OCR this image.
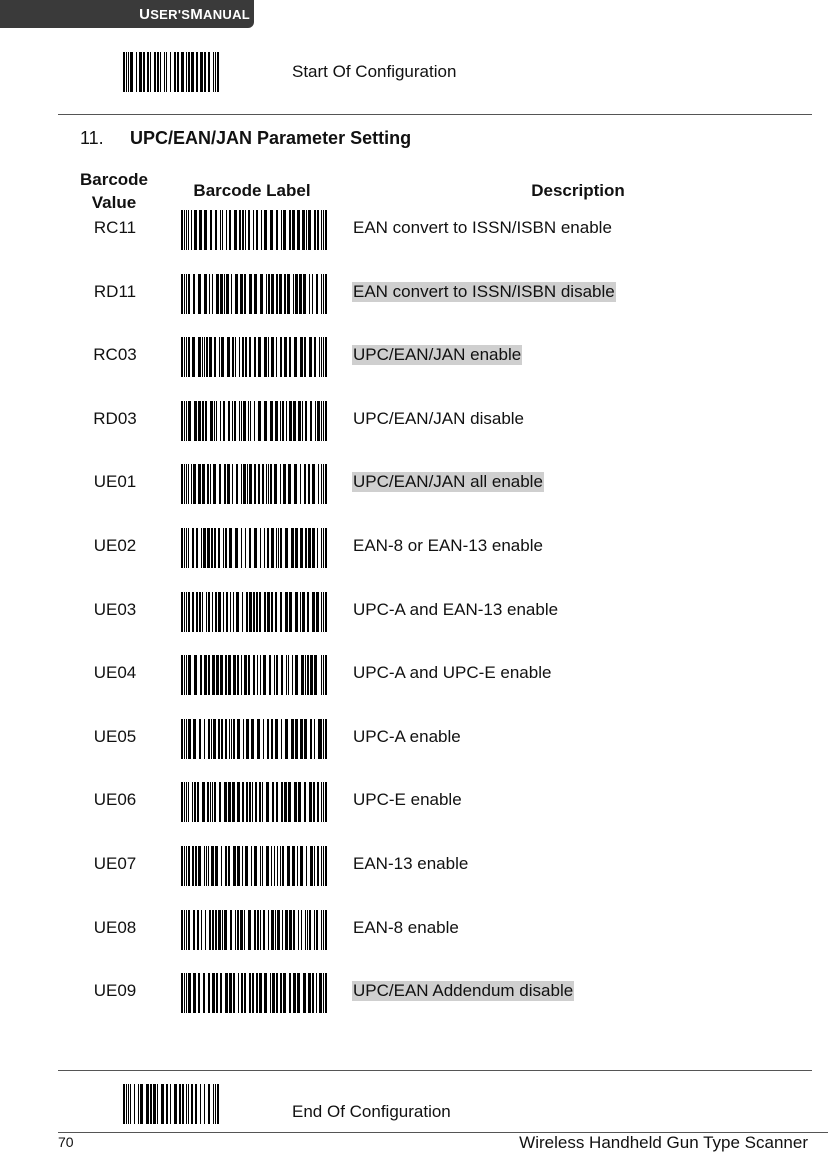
U SER'S M ANUAL
Start Of Configuration
11. UPC/EAN/JAN Parameter Setting
Barcode
Value
Barcode Label	Description
RC11	EAN convert to ISSN/ISBN enable
RD11	EAN convert to ISSN/ISBN disable
RC03	UPC/EAN/JAN enable
RD03	UPC/EAN/JAN disable
UE01	UPC/EAN/JAN all enable
UE02	EAN-8 or EAN-13 enable
UE03	UPC-A and EAN-13 enable
UE04	UPC-A and UPC-E enable
UE05	UPC-A enable
UE06	UPC-E enable
UE07	EAN-13 enable
UE08	EAN-8 enable
UE09	UPC/EAN Addendum disable
End Of Configuration
70	Wireless Handheld Gun Type Scanner
